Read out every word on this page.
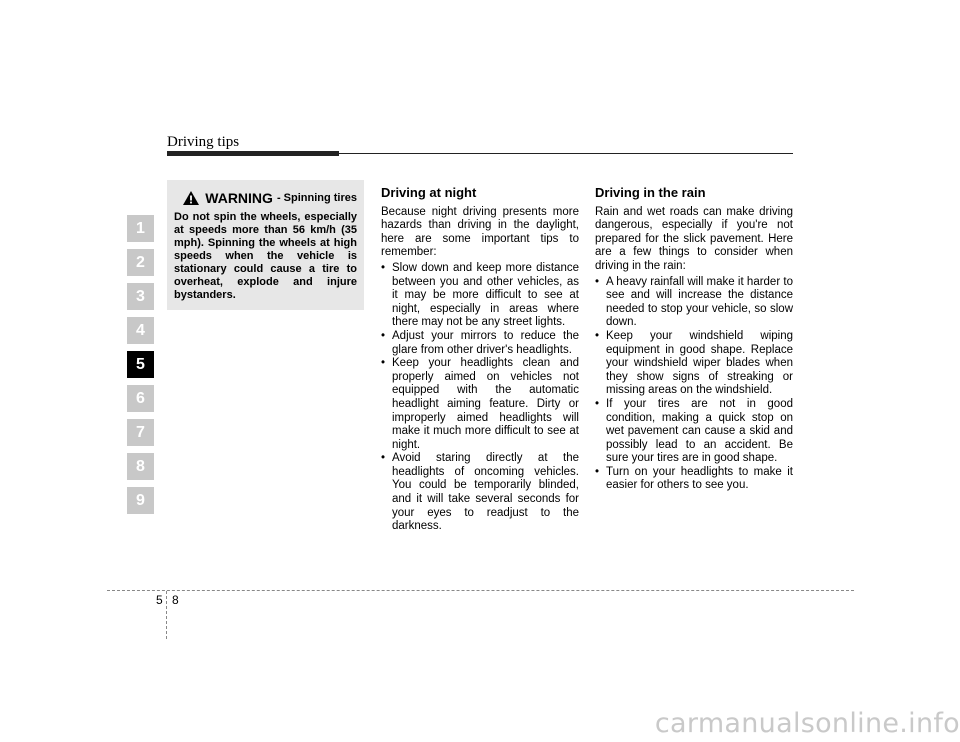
Driving tips
1
2
3
4
5
6
7
8
9
WARNING - Spinning tires
Do not spin the wheels, especially at speeds more than 56 km/h (35 mph). Spinning the wheels at high speeds when the vehicle is stationary could cause a tire to overheat, explode and injure bystanders.
Driving at night

Because night driving presents more hazards than driving in the daylight, here are some important tips to remember:

• Slow down and keep more distance between you and other vehicles, as it may be more difficult to see at night, especially in areas where there may not be any street lights.
• Adjust your mirrors to reduce the glare from other driver's headlights.
• Keep your headlights clean and properly aimed on vehicles not equipped with the automatic headlight aiming feature. Dirty or improperly aimed headlights will make it much more difficult to see at night.
• Avoid staring directly at the headlights of oncoming vehicles. You could be temporarily blinded, and it will take several seconds for your eyes to readjust to the darkness.
Driving in the rain

Rain and wet roads can make driving dangerous, especially if you're not prepared for the slick pavement. Here are a few things to consider when driving in the rain:

• A heavy rainfall will make it harder to see and will increase the distance needed to stop your vehicle, so slow down.
• Keep your windshield wiping equipment in good shape. Replace your windshield wiper blades when they show signs of streaking or missing areas on the windshield.
• If your tires are not in good condition, making a quick stop on wet pavement can cause a skid and possibly lead to an accident. Be sure your tires are in good shape.
• Turn on your headlights to make it easier for others to see you.
5 8
carmanualsonline.info
